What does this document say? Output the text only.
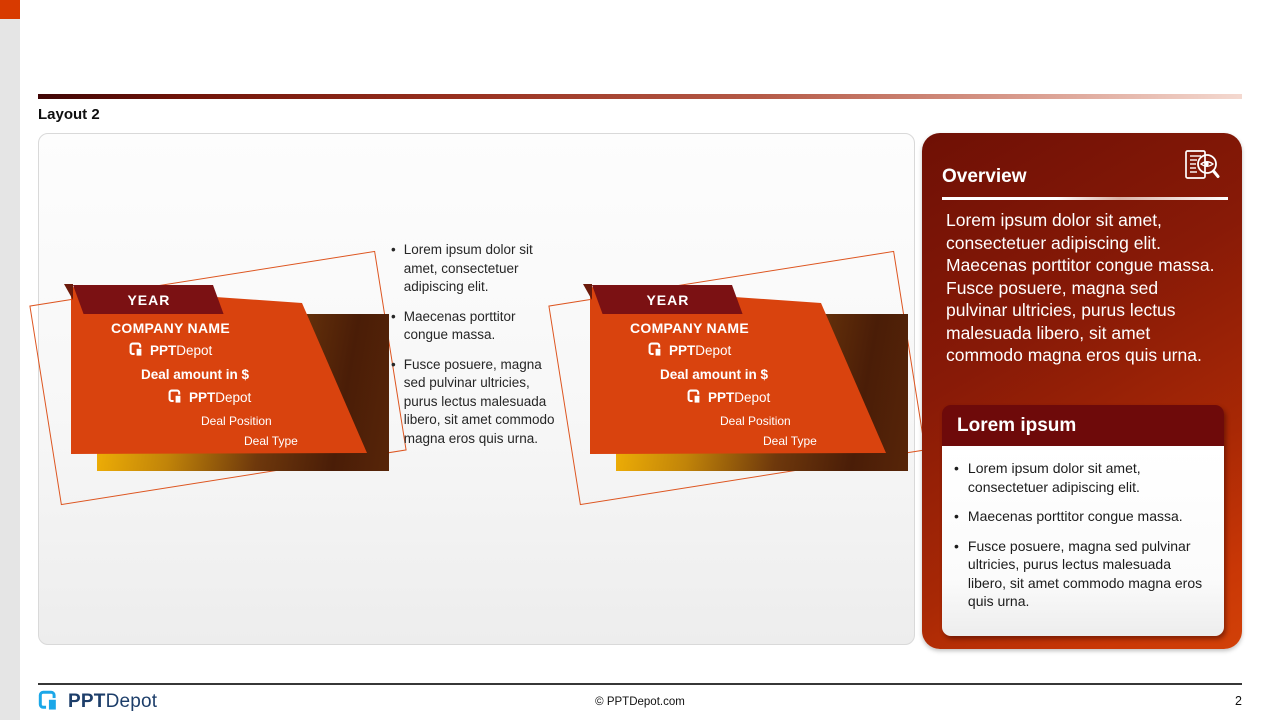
Layout 2
YEAR
COMPANY NAME
PPTDepot
Deal amount in $
PPTDepot
Deal Position
Deal Type
YEAR
COMPANY NAME
PPTDepot
Deal amount in $
PPTDepot
Deal Position
Deal Type
• Lorem ipsum dolor sit amet, consectetuer adipiscing elit.
• Maecenas porttitor congue massa.
• Fusce posuere, magna sed pulvinar ultricies, purus lectus malesuada libero, sit amet commodo magna eros quis urna.
Overview
Lorem ipsum dolor sit amet, consectetuer adipiscing elit. Maecenas porttitor congue massa. Fusce posuere, magna sed pulvinar ultricies, purus lectus malesuada libero, sit amet commodo magna eros quis urna.
Lorem ipsum
• Lorem ipsum dolor sit amet, consectetuer adipiscing elit.
• Maecenas porttitor congue massa.
• Fusce posuere, magna sed pulvinar ultricies, purus lectus malesuada libero, sit amet commodo magna eros quis urna.
PPTDepot	© PPTDepot.com	2
